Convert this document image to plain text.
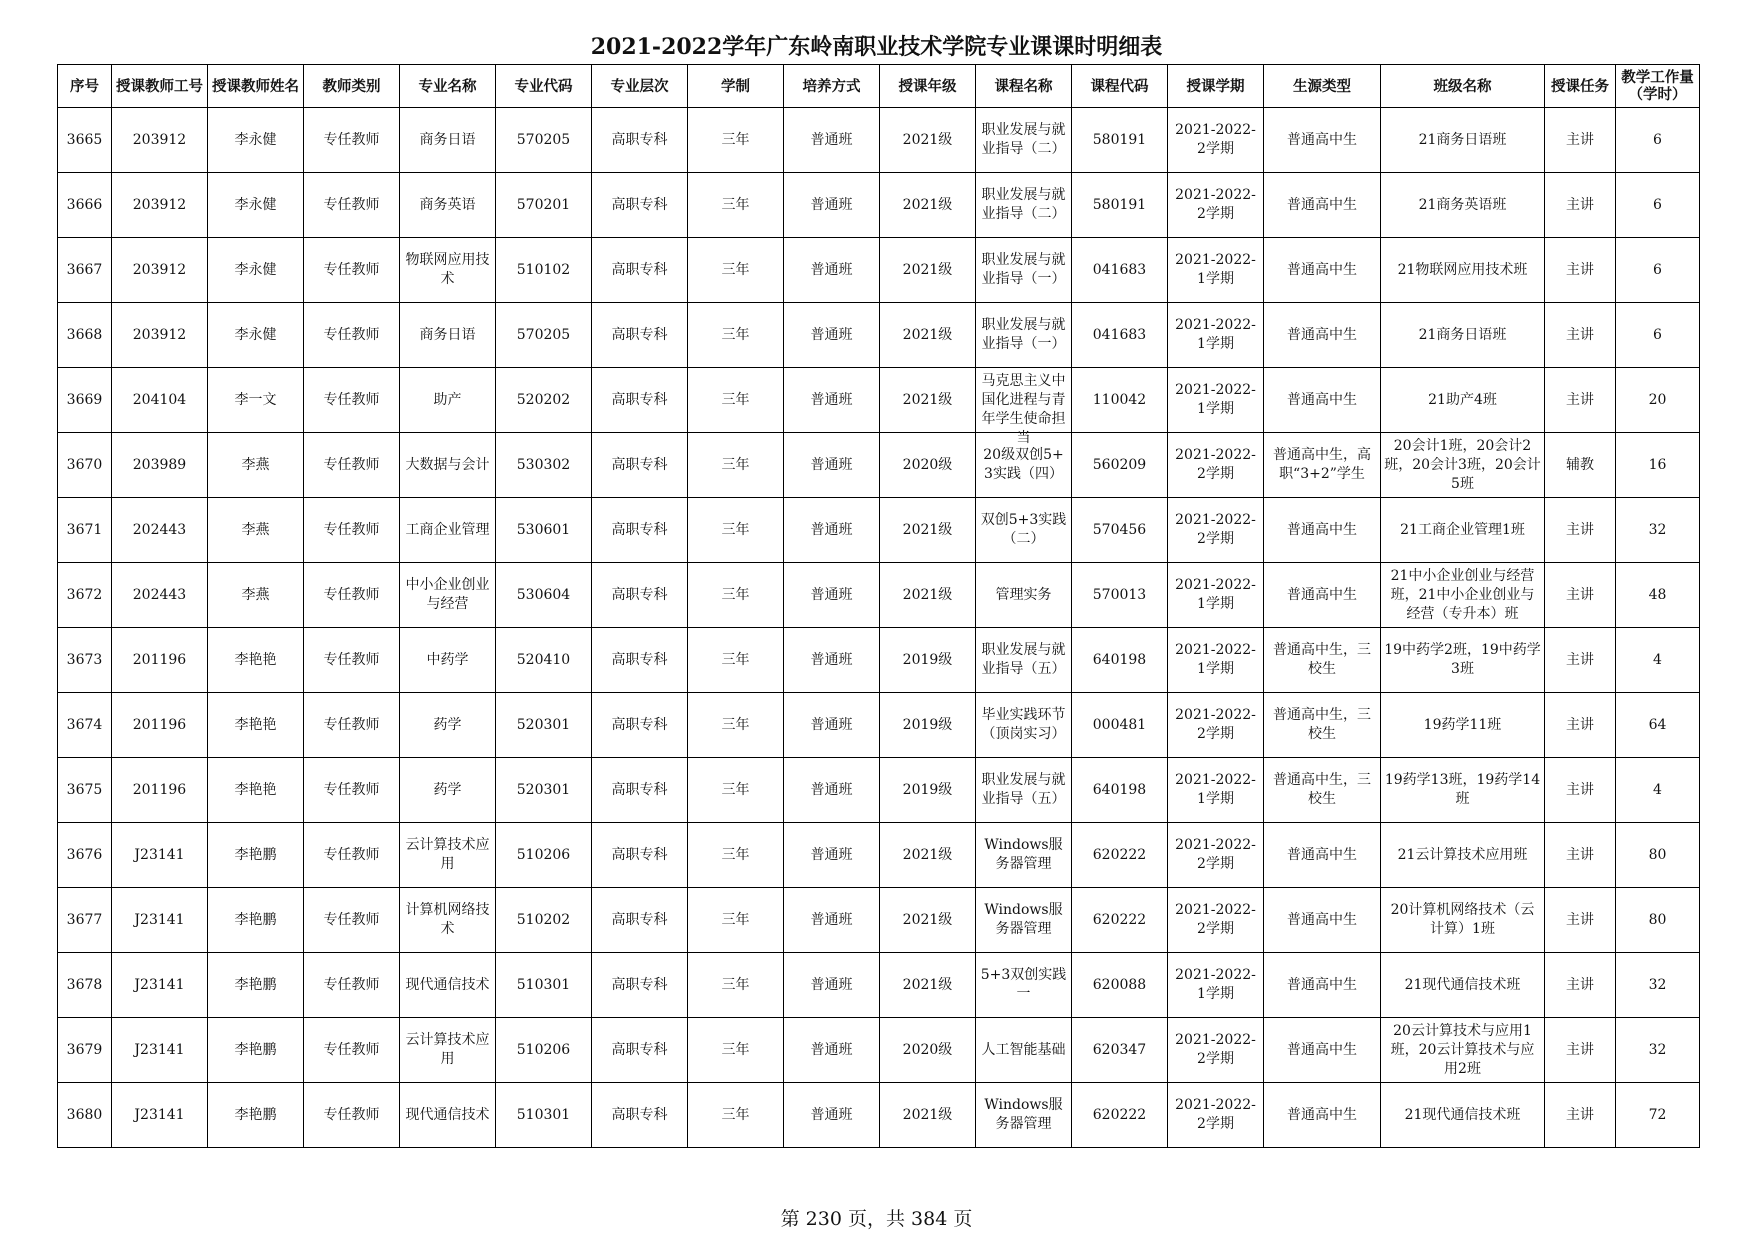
2021-2022学年广东岭南职业技术学院专业课课时明细表
序号	授课教师工号	授课教师姓名	教师类别	专业名称	专业代码	专业层次	学制	培养方式	授课年级	课程名称	课程代码	授课学期	生源类型	班级名称	授课任务	教学工作量（学时）

3665	203912	李永健	专任教师	商务日语	570205	高职专科	三年	普通班	2021级	职业发展与就业指导（二）	580191	2021-2022-2学期	普通高中生	21商务日语班	主讲	6

3666	203912	李永健	专任教师	商务英语	570201	高职专科	三年	普通班	2021级	职业发展与就业指导（二）	580191	2021-2022-2学期	普通高中生	21商务英语班	主讲	6

3667	203912	李永健	专任教师	物联网应用技术	510102	高职专科	三年	普通班	2021级	职业发展与就业指导（一）	041683	2021-2022-1学期	普通高中生	21物联网应用技术班	主讲	6

3668	203912	李永健	专任教师	商务日语	570205	高职专科	三年	普通班	2021级	职业发展与就业指导（一）	041683	2021-2022-1学期	普通高中生	21商务日语班	主讲	6

3669	204104	李一文	专任教师	助产	520202	高职专科	三年	普通班	2021级	马克思主义中国化进程与青年学生使命担当	110042	2021-2022-1学期	普通高中生	21助产4班	主讲	20

3670	203989	李燕	专任教师	大数据与会计	530302	高职专科	三年	普通班	2020级	20级双创5+3实践（四）	560209	2021-2022-2学期	普通高中生，高职“3+2”学生	20会计1班，20会计2班，20会计3班，20会计5班	辅教	16

3671	202443	李燕	专任教师	工商企业管理	530601	高职专科	三年	普通班	2021级	双创5+3实践（二）	570456	2021-2022-2学期	普通高中生	21工商企业管理1班	主讲	32

3672	202443	李燕	专任教师	中小企业创业与经营	530604	高职专科	三年	普通班	2021级	管理实务	570013	2021-2022-1学期	普通高中生	21中小企业创业与经营班，21中小企业创业与经营（专升本）班	主讲	48

3673	201196	李艳艳	专任教师	中药学	520410	高职专科	三年	普通班	2019级	职业发展与就业指导（五）	640198	2021-2022-1学期	普通高中生，三校生	19中药学2班，19中药学3班	主讲	4

3674	201196	李艳艳	专任教师	药学	520301	高职专科	三年	普通班	2019级	毕业实践环节（顶岗实习）	000481	2021-2022-2学期	普通高中生，三校生	19药学11班	主讲	64

3675	201196	李艳艳	专任教师	药学	520301	高职专科	三年	普通班	2019级	职业发展与就业指导（五）	640198	2021-2022-1学期	普通高中生，三校生	19药学13班，19药学14班	主讲	4

3676	J23141	李艳鹏	专任教师	云计算技术应用	510206	高职专科	三年	普通班	2021级	Windows服务器管理	620222	2021-2022-2学期	普通高中生	21云计算技术应用班	主讲	80

3677	J23141	李艳鹏	专任教师	计算机网络技术	510202	高职专科	三年	普通班	2021级	Windows服务器管理	620222	2021-2022-2学期	普通高中生	20计算机网络技术（云计算）1班	主讲	80

3678	J23141	李艳鹏	专任教师	现代通信技术	510301	高职专科	三年	普通班	2021级	5+3双创实践一	620088	2021-2022-1学期	普通高中生	21现代通信技术班	主讲	32

3679	J23141	李艳鹏	专任教师	云计算技术应用	510206	高职专科	三年	普通班	2020级	人工智能基础	620347	2021-2022-2学期	普通高中生	20云计算技术与应用1班，20云计算技术与应用2班	主讲	32

3680	J23141	李艳鹏	专任教师	现代通信技术	510301	高职专科	三年	普通班	2021级	Windows服务器管理	620222	2021-2022-2学期	普通高中生	21现代通信技术班	主讲	72
第 230 页，共 384 页
